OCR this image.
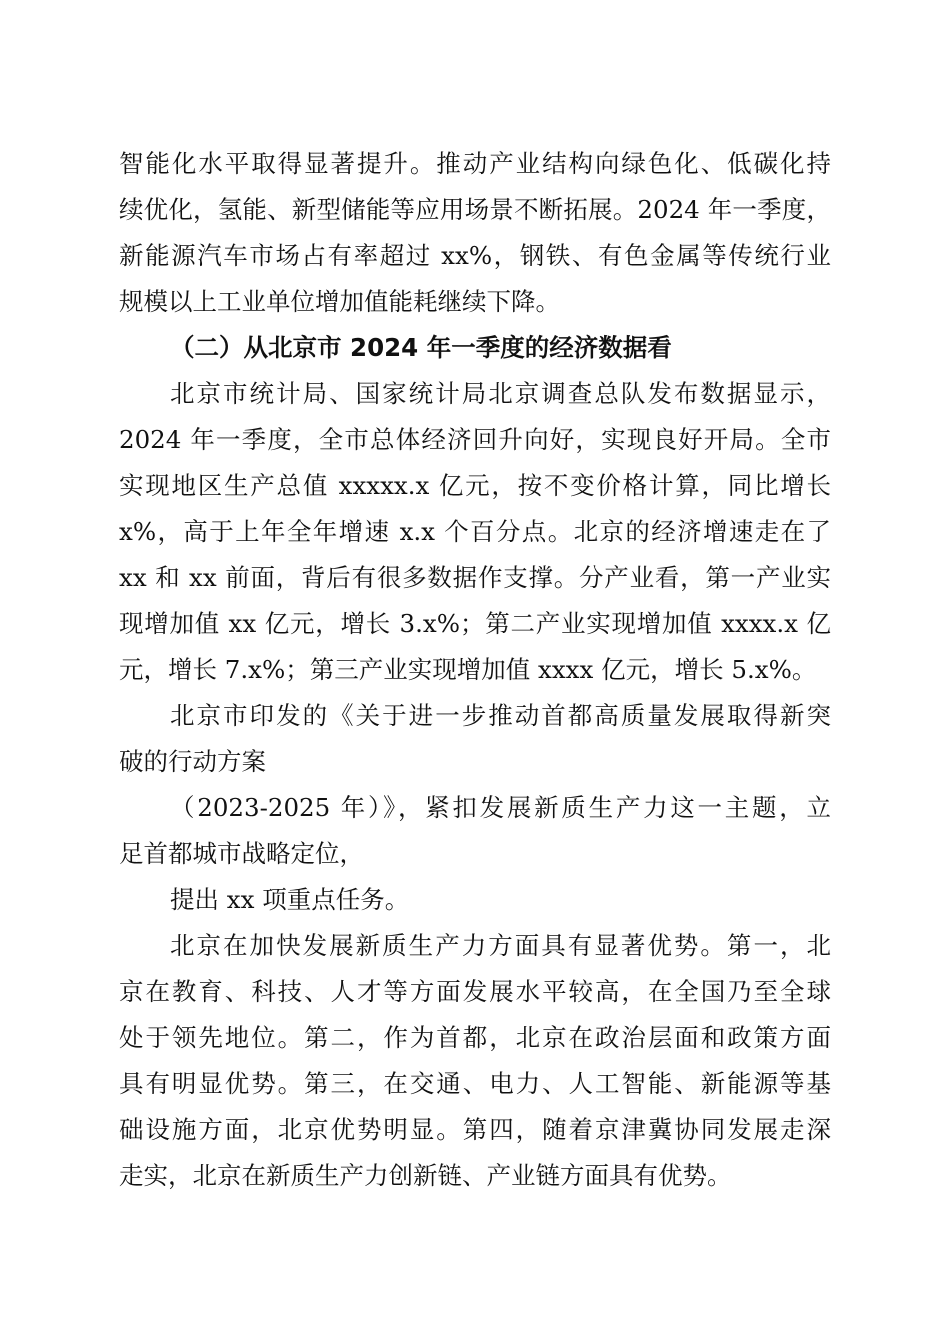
智能化水平取得显著提升。推动产业结构向绿色化、低碳化持
续优化，氢能、新型储能等应用场景不断拓展。2024 年一季度，
新能源汽车市场占有率超过 xx%，钢铁、有色金属等传统行业
规模以上工业单位增加值能耗继续下降。
（二）从北京市 2024 年一季度的经济数据看
北京市统计局、国家统计局北京调查总队发布数据显示，
2024 年一季度，全市总体经济回升向好，实现良好开局。全市
实现地区生产总值 xxxxx.x 亿元，按不变价格计算，同比增长
x%，高于上年全年增速 x.x 个百分点。北京的经济增速走在了
xx 和 xx 前面，背后有很多数据作支撑。分产业看，第一产业实
现增加值 xx 亿元，增长 3.x%；第二产业实现增加值 xxxx.x 亿
元，增长 7.x%；第三产业实现增加值 xxxx 亿元，增长 5.x%。
北京市印发的《关于进一步推动首都高质量发展取得新突
破的行动方案
（2023-2025 年）》，紧扣发展新质生产力这一主题，立
足首都城市战略定位，
提出 xx 项重点任务。
北京在加快发展新质生产力方面具有显著优势。第一，北
京在教育、科技、人才等方面发展水平较高，在全国乃至全球
处于领先地位。第二，作为首都，北京在政治层面和政策方面
具有明显优势。第三，在交通、电力、人工智能、新能源等基
础设施方面，北京优势明显。第四，随着京津冀协同发展走深
走实，北京在新质生产力创新链、产业链方面具有优势。
